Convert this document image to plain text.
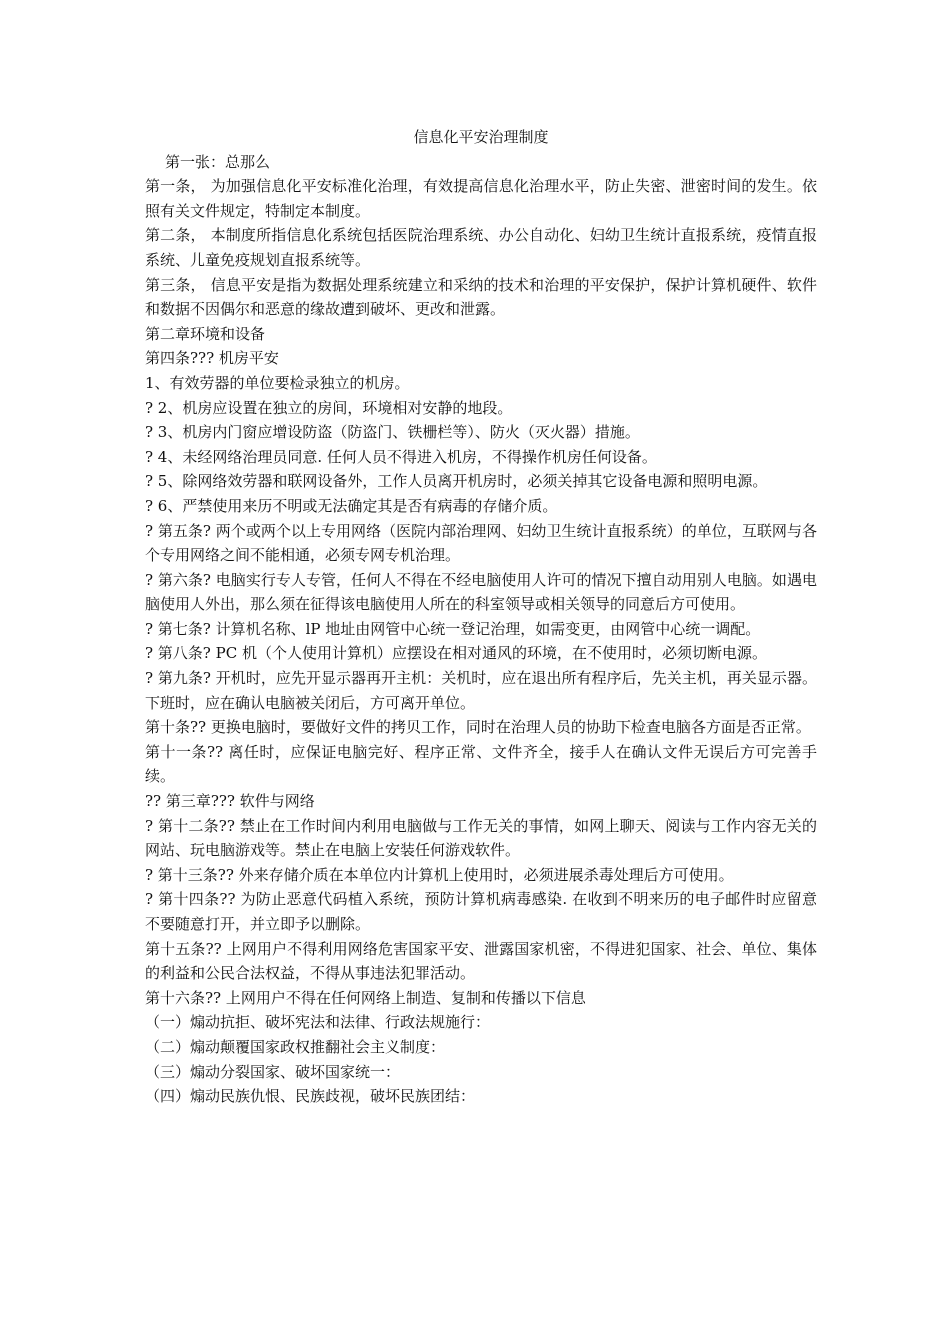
信息化平安治理制度

第一张：总那么

第一条， 为加强信息化平安标准化治理，有效提高信息化治理水平，防止失密、泄密时间的发生。依照有关文件规定，特制定本制度。

第二条， 本制度所指信息化系统包括医院治理系统、办公自动化、妇幼卫生统计直报系统，疫情直报系统、儿童免疫规划直报系统等。

第三条， 信息平安是指为数据处理系统建立和采纳的技术和治理的平安保护，保护计算机硬件、软件和数据不因偶尔和恶意的缘故遭到破坏、更改和泄露。

第二章环境和设备

第四条??? 机房平安

1、有效劳器的单位要检录独立的机房。

? 2、机房应设置在独立的房间，环境相对安静的地段。

? 3、机房内门窗应增设防盗（防盗门、铁栅栏等）、防火（灭火器）措施。

? 4、未经网络治理员同意. 任何人员不得进入机房，不得操作机房任何设备。

? 5、除网络效劳器和联网设备外，工作人员离开机房时，必须关掉其它设备电源和照明电源。

? 6、严禁使用来历不明或无法确定其是否有病毒的存储介质。

? 第五条? 两个或两个以上专用网络（医院内部治理网、妇幼卫生统计直报系统）的单位，互联网与各个专用网络之间不能相通，必须专网专机治理。

? 第六条? 电脑实行专人专管，任何人不得在不经电脑使用人许可的情况下擅自动用别人电脑。如遇电脑使用人外出，那么须在征得该电脑使用人所在的科室领导或相关领导的同意后方可使用。

? 第七条? 计算机名称、lP 地址由网管中心统一登记治理，如需变更，由网管中心统一调配。

? 第八条? PC 机（个人使用计算机）应摆设在相对通风的环境，在不使用时，必须切断电源。

? 第九条? 开机时，应先开显示器再开主机：关机时，应在退出所有程序后，先关主机，再关显示器。下班时，应在确认电脑被关闭后，方可离开单位。

第十条?? 更换电脑时，要做好文件的拷贝工作，同时在治理人员的协助下检查电脑各方面是否正常。

第十一条?? 离任时，应保证电脑完好、程序正常、文件齐全，接手人在确认文件无误后方可完善手续。

?? 第三章??? 软件与网络

? 第十二条?? 禁止在工作时间内利用电脑做与工作无关的事情，如网上聊天、阅读与工作内容无关的网站、玩电脑游戏等。禁止在电脑上安装任何游戏软件。

? 第十三条?? 外来存储介质在本单位内计算机上使用时，必须进展杀毒处理后方可使用。

? 第十四条?? 为防止恶意代码植入系统，预防计算机病毒感染. 在收到不明来历的电子邮件时应留意不要随意打开，并立即予以删除。

第十五条?? 上网用户不得利用网络危害国家平安、泄露国家机密，不得进犯国家、社会、单位、集体的利益和公民合法权益，不得从事违法犯罪活动。

第十六条?? 上网用户不得在任何网络上制造、复制和传播以下信息

（一）煽动抗拒、破坏宪法和法律、行政法规施行：

（二）煽动颠覆国家政权推翻社会主义制度：

（三）煽动分裂国家、破坏国家统一：

（四）煽动民族仇恨、民族歧视，破坏民族团结：
